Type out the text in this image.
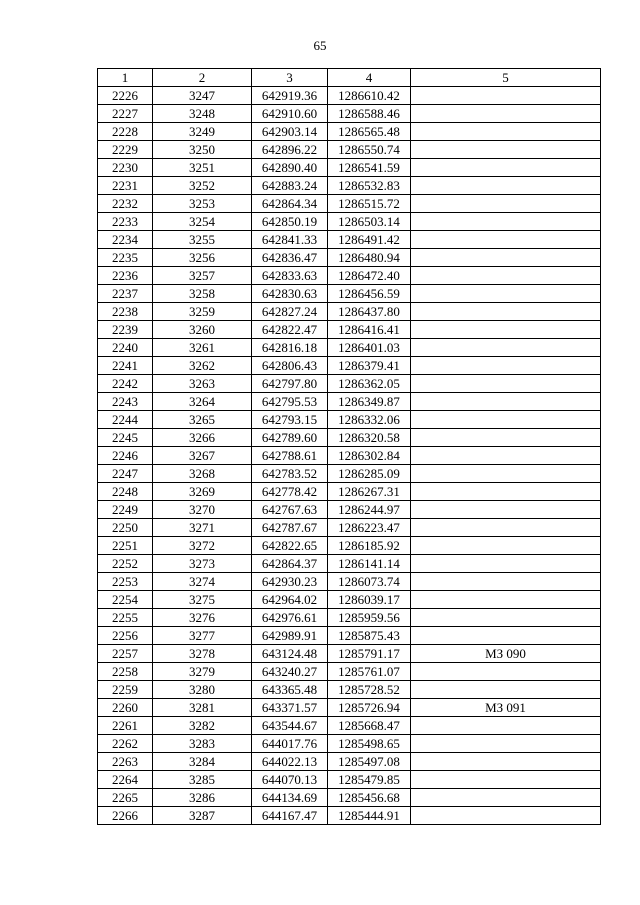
65
1	2	3	4	5
2226	3247	642919.36	1286610.42	
2227	3248	642910.60	1286588.46	
2228	3249	642903.14	1286565.48	
2229	3250	642896.22	1286550.74	
2230	3251	642890.40	1286541.59	
2231	3252	642883.24	1286532.83	
2232	3253	642864.34	1286515.72	
2233	3254	642850.19	1286503.14	
2234	3255	642841.33	1286491.42	
2235	3256	642836.47	1286480.94	
2236	3257	642833.63	1286472.40	
2237	3258	642830.63	1286456.59	
2238	3259	642827.24	1286437.80	
2239	3260	642822.47	1286416.41	
2240	3261	642816.18	1286401.03	
2241	3262	642806.43	1286379.41	
2242	3263	642797.80	1286362.05	
2243	3264	642795.53	1286349.87	
2244	3265	642793.15	1286332.06	
2245	3266	642789.60	1286320.58	
2246	3267	642788.61	1286302.84	
2247	3268	642783.52	1286285.09	
2248	3269	642778.42	1286267.31	
2249	3270	642767.63	1286244.97	
2250	3271	642787.67	1286223.47	
2251	3272	642822.65	1286185.92	
2252	3273	642864.37	1286141.14	
2253	3274	642930.23	1286073.74	
2254	3275	642964.02	1286039.17	
2255	3276	642976.61	1285959.56	
2256	3277	642989.91	1285875.43	
2257	3278	643124.48	1285791.17	МЗ 090
2258	3279	643240.27	1285761.07	
2259	3280	643365.48	1285728.52	
2260	3281	643371.57	1285726.94	МЗ 091
2261	3282	643544.67	1285668.47	
2262	3283	644017.76	1285498.65	
2263	3284	644022.13	1285497.08	
2264	3285	644070.13	1285479.85	
2265	3286	644134.69	1285456.68	
2266	3287	644167.47	1285444.91	
